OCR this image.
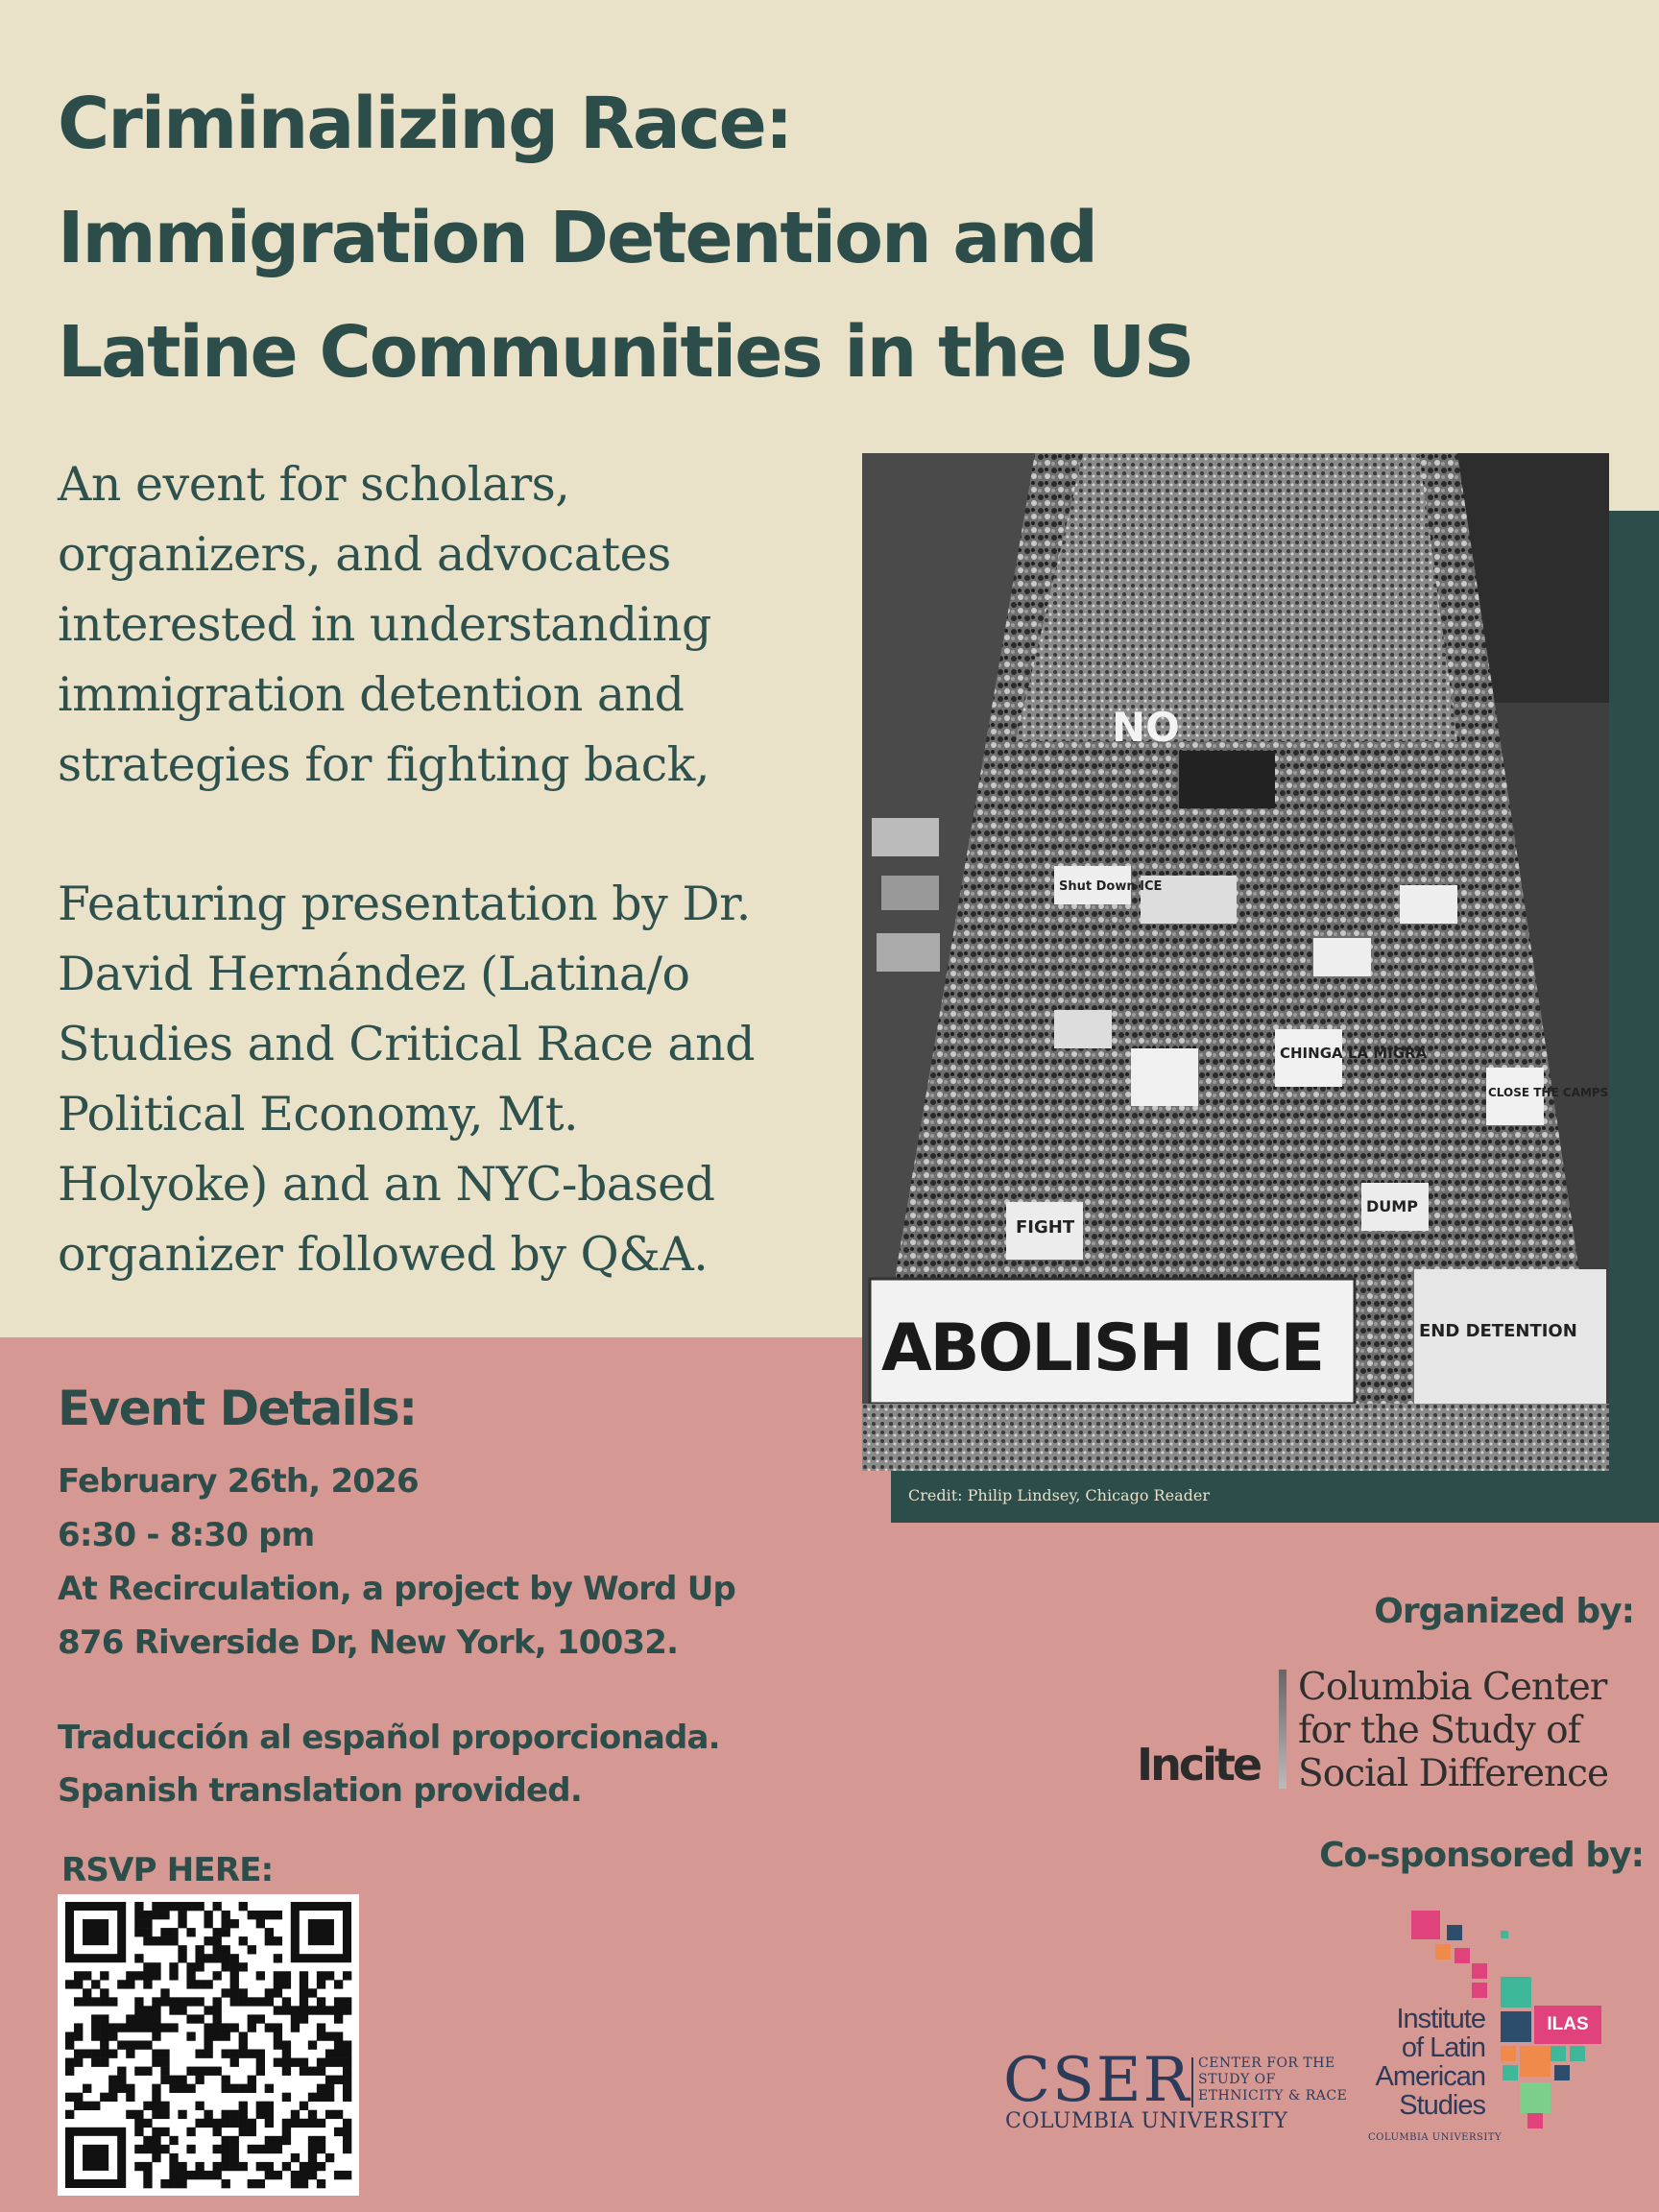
Criminalizing Race:
Immigration Detention and
Latine Communities in the US

An event for scholars,
organizers, and advocates
interested in understanding
immigration detention and
strategies for fighting back,

Featuring presentation by Dr.
David Hernández (Latina/o
Studies and Critical Race and
Political Economy, Mt.
Holyoke) and an NYC-based
organizer followed by Q&A.

NO
Shut Down ICE
CHINGA LA MIGRA
CLOSE THE CAMPS
FIGHT
DUMP
END DETENTION
ABOLISH ICE
Credit: Philip Lindsey, Chicago Reader
Event Details:
February 26th, 2026
6:30 - 8:30 pm
At Recirculation, a project by Word Up
876 Riverside Dr, New York, 10032.
Traducción al español proporcionada.
Spanish translation provided.
RSVP HERE:
Organized by:
Incite
Columbia Center
for the Study of
Social Difference
Co-sponsored by:
CSER CENTER FOR THE
STUDY OF
ETHNICITY & RACE
COLUMBIA UNIVERSITY
ILAS
Institute
of Latin
American
Studies
COLUMBIA UNIVERSITY
